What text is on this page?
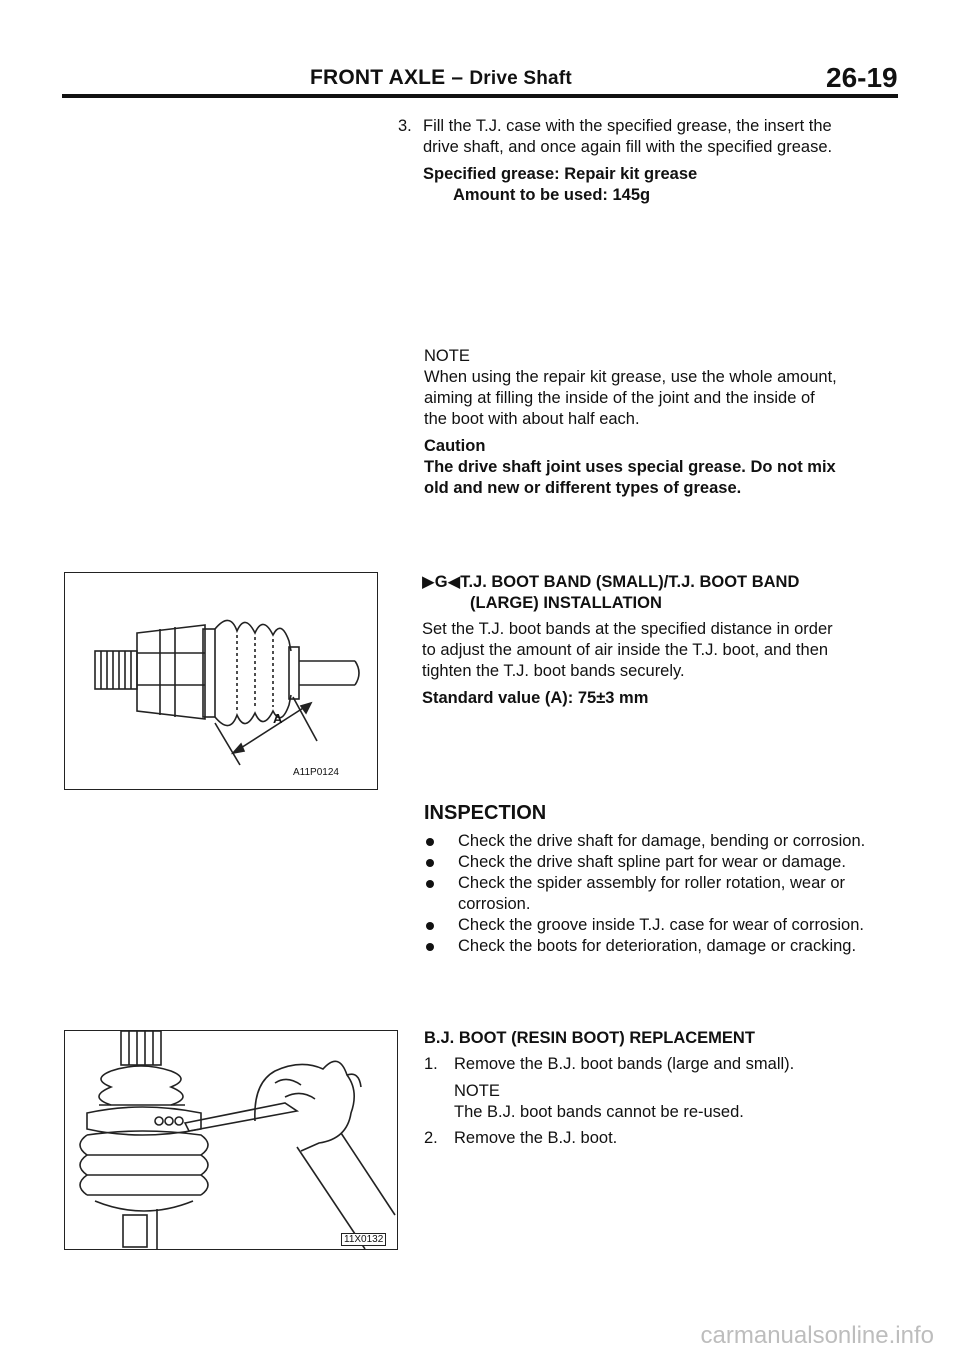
FRONT AXLE – Drive Shaft	26-19
3. Fill the T.J. case with the specified grease, the insert the
drive shaft, and once again fill with the specified grease.
Specified grease: Repair kit grease
Amount to be used: 145g
NOTE
When using the repair kit grease, use the whole amount,
aiming at filling the inside of the joint and the inside of
the boot with about half each.
Caution
The drive shaft joint uses special grease. Do not mix
old and new or different types of grease.
A
A11P0124
▶G◀T.J. BOOT BAND (SMALL)/T.J. BOOT BAND
(LARGE) INSTALLATION
Set the T.J. boot bands at the specified distance in order
to adjust the amount of air inside the T.J. boot, and then
tighten the T.J. boot bands securely.
Standard value (A): 75±3 mm
INSPECTION
Check the drive shaft for damage, bending or corrosion.
Check the drive shaft spline part for wear or damage.
Check the spider assembly for roller rotation, wear or
corrosion.
Check the groove inside T.J. case for wear of corrosion.
Check the boots for deterioration, damage or cracking.
11X0132
B.J. BOOT (RESIN BOOT) REPLACEMENT
1. Remove the B.J. boot bands (large and small).
NOTE
The B.J. boot bands cannot be re-used.
2. Remove the B.J. boot.
carmanualsonline.info
